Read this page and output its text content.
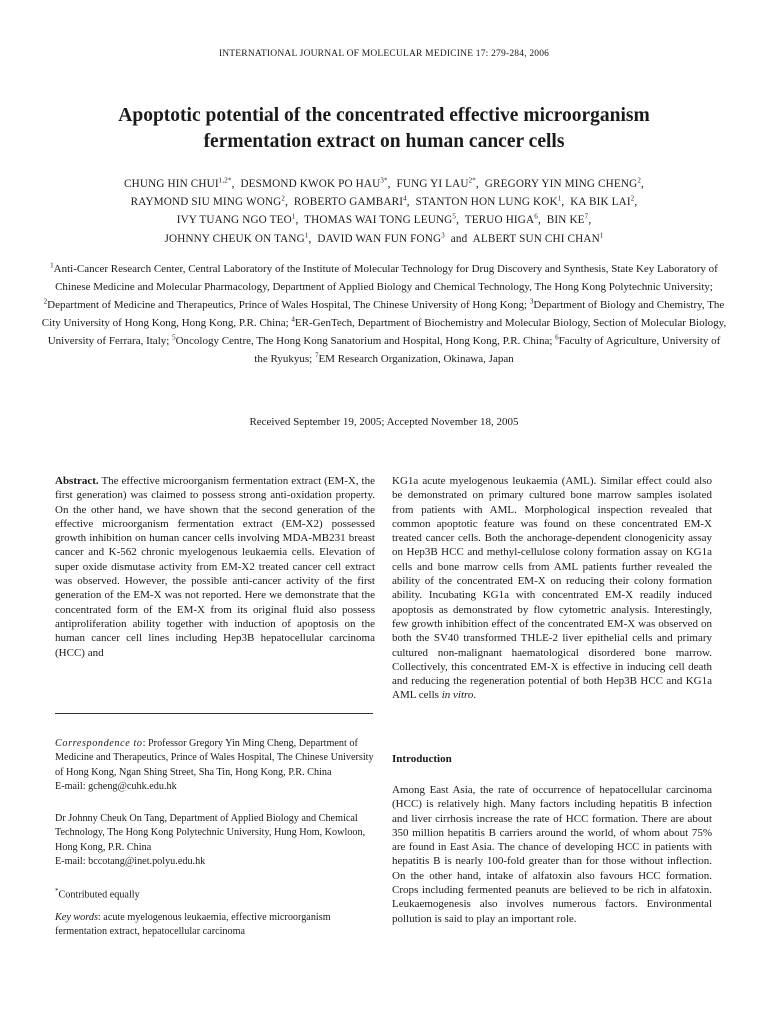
INTERNATIONAL JOURNAL OF MOLECULAR MEDICINE 17: 279-284, 2006
Apoptotic potential of the concentrated effective microorganism
fermentation extract on human cancer cells
CHUNG HIN $CHUI^{1,2*}$,  DESMOND KWOK PO $HAU^{3*}$,  FUNG YI $LAU^{2*}$,  GREGORY YIN MING CHENG$^2$,
RAYMOND SIU MING WONG$^2$,  ROBERTO GAMBARI$^4$,  STANTON HON LUNG KOK$^1$,  KA BIK LAI$^2$,
IVY TUANG NGO TEO$^1$,  THOMAS WAI TONG LEUNG$^5$,  TERUO HIGA$^6$,  BIN $KE^7$,
JOHNNY CHEUK ON TANG$^1$,  DAVID WAN FUN FONG$^3$ and ALBERT SUN CHI CHAN$^1$
$^1$Anti-Cancer Research Center, Central Laboratory of the Institute of Molecular Technology for Drug Discovery and Synthesis, State Key Laboratory of Chinese Medicine and Molecular Pharmacology, Department of Applied Biology and Chemical Technology, The Hong Kong Polytechnic University; $^2$Department of Medicine and Therapeutics, Prince of Wales Hospital, The Chinese University of Hong Kong; $^3$Department of Biology and Chemistry, The City University of Hong Kong, Hong Kong, P.R. China; $^4$ER-GenTech, Department of Biochemistry and Molecular Biology, Section of Molecular Biology, University of Ferrara, Italy; $^5$Oncology Centre, The Hong Kong Sanatorium and Hospital, Hong Kong, P.R. China; $^6$Faculty of Agriculture, University of the Ryukyus; $^7$EM Research Organization, Okinawa, Japan
Received September 19, 2005; Accepted November 18, 2005

Abstract. The effective microorganism fermentation extract (EM-X, the first generation) was claimed to possess strong anti-oxidation property. On the other hand, we have shown that the second generation of the effective microorganism fermentation extract (EM-X2) possessed growth inhibition on human cancer cells involving MDA-MB231 breast cancer and K-562 chronic myelogenous leukaemia cells. Elevation of super oxide dismutase activity from EM-X2 treated cancer cell extract was observed. However, the possible anti-cancer activity of the first generation of the EM-X was not reported. Here we demonstrate that the concentrated form of the EM-X from its original fluid also possess antiproliferation ability together with induction of apoptosis on the human cancer cell lines including Hep3B hepatocellular carcinoma (HCC) and

Correspondence to: Professor Gregory Yin Ming Cheng, Department of Medicine and Therapeutics, Prince of Wales Hospital, The Chinese University of Hong Kong, Ngan Shing Street, Sha Tin, Hong Kong, P.R. China
E-mail: gcheng@cuhk.edu.hk
Dr Johnny Cheuk On Tang, Department of Applied Biology and Chemical Technology, The Hong Kong Polytechnic University, Hung Hom, Kowloon, Hong Kong, P.R. China
E-mail: bccotang@inet.polyu.edu.hk
*Contributed equally
Key words: acute myelogenous leukaemia, effective microorganism fermentation extract, hepatocellular carcinoma

KG1a acute myelogenous leukaemia (AML). Similar effect could also be demonstrated on primary cultured bone marrow samples isolated from patients with AML. Morphological inspection revealed that common apoptotic feature was found on these concentrated EM-X treated cancer cells. Both the anchorage-dependent clonogenicity assay on Hep3B HCC and methyl-cellulose colony formation assay on KG1a cells and bone marrow cells from AML patients further revealed the ability of the concentrated EM-X on reducing their colony formation ability. Incubating KG1a with concentrated EM-X readily induced apoptosis as demonstrated by flow cytometric analysis. Interestingly, few growth inhibition effect of the concentrated EM-X was observed on both the SV40 transformed THLE-2 liver epithelial cells and primary cultured non-malignant haematological disordered bone marrow. Collectively, this concentrated EM-X is effective in inducing cell death and reducing the regeneration potential of both Hep3B HCC and KG1a AML cells in vitro.

Introduction
Among East Asia, the rate of occurrence of hepatocellular carcinoma (HCC) is relatively high. Many factors including hepatitis B infection and liver cirrhosis increase the rate of HCC formation. There are about 350 million hepatitis B carriers around the world, of whom about 75% are found in East Asia. The chance of developing HCC in patients with hepatitis B is nearly 100-fold greater than for those without inflection. On the other hand, intake of alfatoxin also favours HCC formation. Crops including fermented peanuts are believed to be rich in alfatoxin. Leukaemogenesis also involves numerous factors. Environmental pollution is said to play an important role.
